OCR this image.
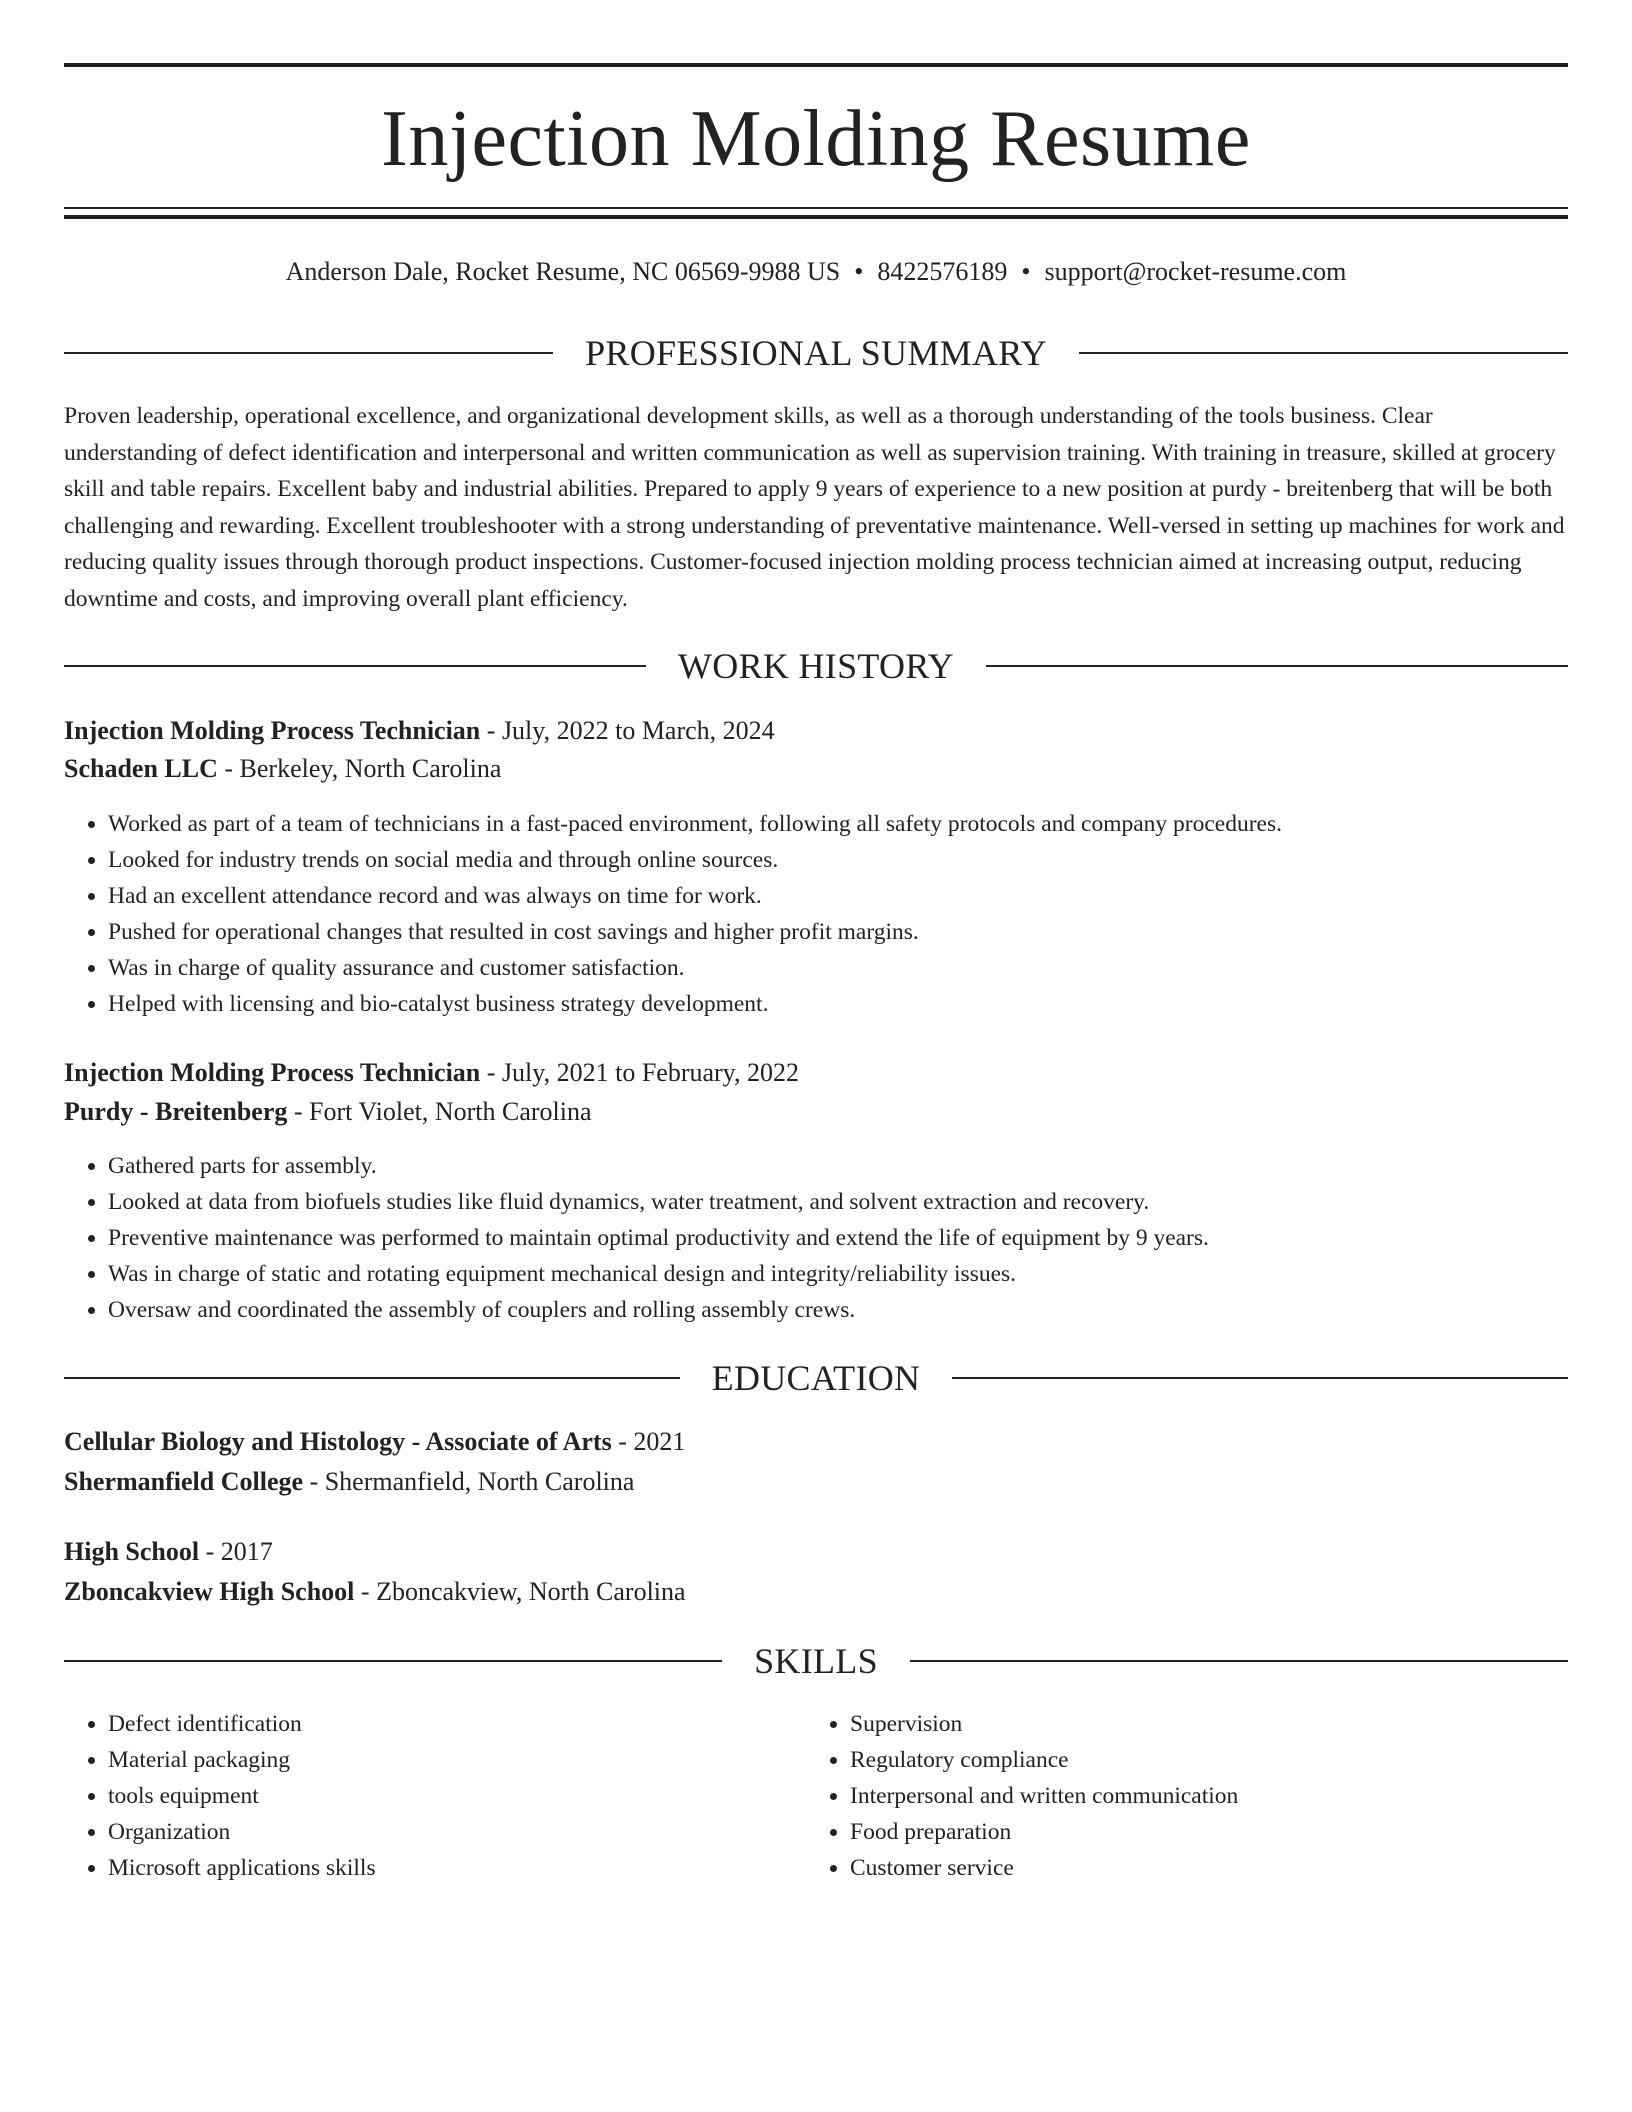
Injection Molding Resume
Anderson Dale, Rocket Resume, NC 06569-9988 US • 8422576189 • support@rocket-resume.com
PROFESSIONAL SUMMARY

Proven leadership, operational excellence, and organizational development skills, as well as a thorough understanding of the tools business. Clear understanding of defect identification and interpersonal and written communication as well as supervision training. With training in treasure, skilled at grocery skill and table repairs. Excellent baby and industrial abilities. Prepared to apply 9 years of experience to a new position at purdy - breitenberg that will be both challenging and rewarding. Excellent troubleshooter with a strong understanding of preventative maintenance. Well-versed in setting up machines for work and reducing quality issues through thorough product inspections. Customer-focused injection molding process technician aimed at increasing output, reducing downtime and costs, and improving overall plant efficiency.

WORK HISTORY
Injection Molding Process Technician - July, 2022 to March, 2024
Schaden LLC - Berkeley, North Carolina
• Worked as part of a team of technicians in a fast-paced environment, following all safety protocols and company procedures.
• Looked for industry trends on social media and through online sources.
• Had an excellent attendance record and was always on time for work.
• Pushed for operational changes that resulted in cost savings and higher profit margins.
• Was in charge of quality assurance and customer satisfaction.
• Helped with licensing and bio-catalyst business strategy development.
Injection Molding Process Technician - July, 2021 to February, 2022
Purdy - Breitenberg - Fort Violet, North Carolina
• Gathered parts for assembly.
• Looked at data from biofuels studies like fluid dynamics, water treatment, and solvent extraction and recovery.
• Preventive maintenance was performed to maintain optimal productivity and extend the life of equipment by 9 years.
• Was in charge of static and rotating equipment mechanical design and integrity/reliability issues.
• Oversaw and coordinated the assembly of couplers and rolling assembly crews.
EDUCATION
Cellular Biology and Histology - Associate of Arts - 2021
Shermanfield College - Shermanfield, North Carolina
High School - 2017
Zboncakview High School - Zboncakview, North Carolina
SKILLS
• Defect identification
• Material packaging
• tools equipment
• Organization
• Microsoft applications skills
• Supervision
• Regulatory compliance
• Interpersonal and written communication
• Food preparation
• Customer service
